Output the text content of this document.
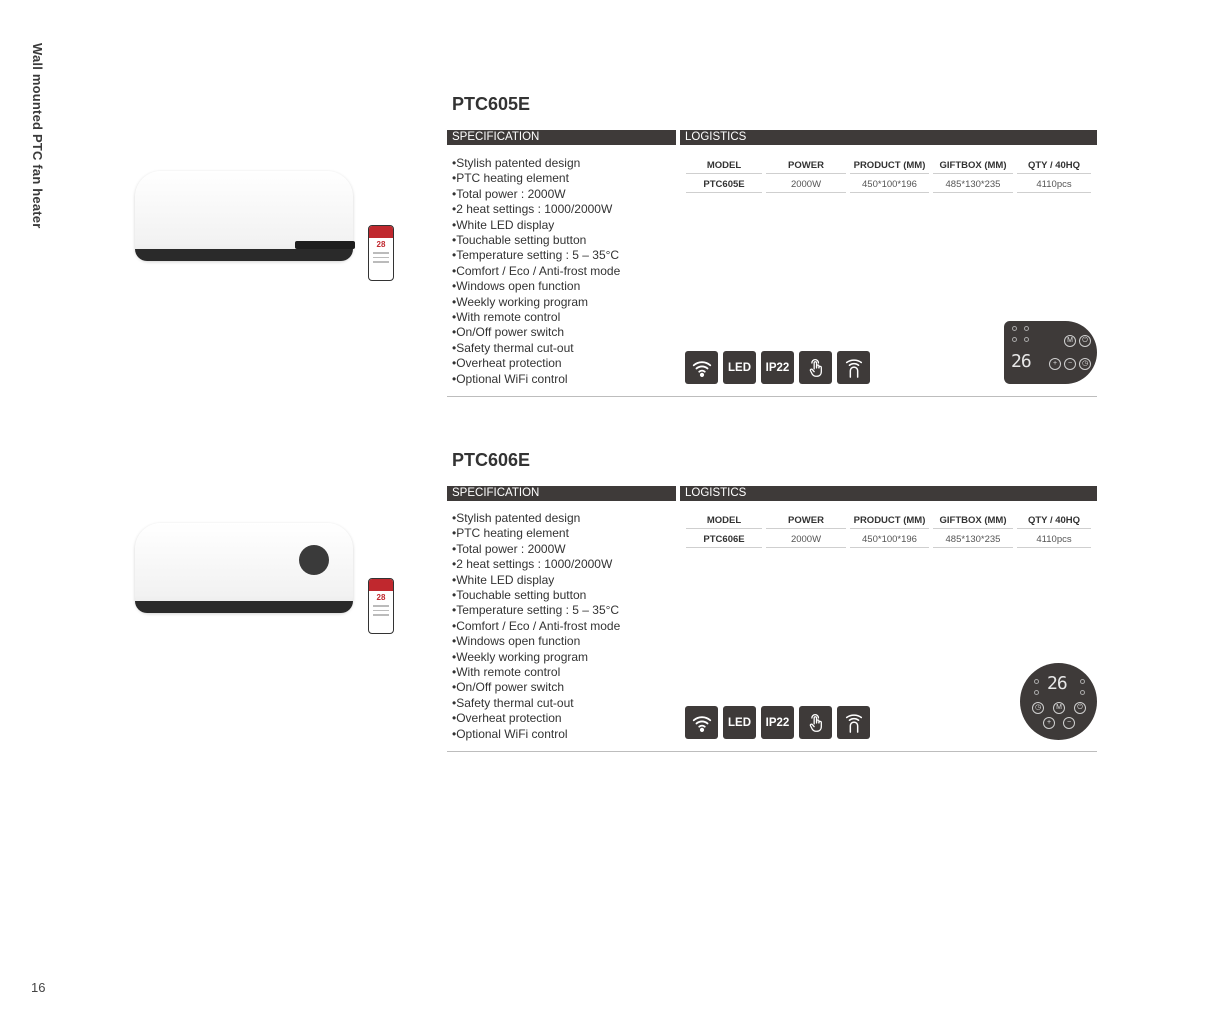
Wall mounted PTC fan heater
16
28
PTC605E
SPECIFICATION	LOGISTICS
• Stylish patented design
• PTC heating element
• Total power : 2000W
• 2 heat settings : 1000/2000W
• White LED display
• Touchable setting button
• Temperature setting : 5 – 35°C
• Comfort / Eco / Anti-frost mode
• Windows open function
• Weekly working program
• With remote control
• On/Off power switch
• Safety thermal cut-out
• Overheat protection
• Optional WiFi control
MODEL	POWER	PRODUCT (MM)	GIFTBOX (MM)	QTY / 40HQ

PTC605E	2000W	450*100*196	485*130*235	4110pcs
LED	IP22	26
M	⏻
+	−	◷
28
PTC606E
SPECIFICATION	LOGISTICS
• Stylish patented design
• PTC heating element
• Total power : 2000W
• 2 heat settings : 1000/2000W
• White LED display
• Touchable setting button
• Temperature setting : 5 – 35°C
• Comfort / Eco / Anti-frost mode
• Windows open function
• Weekly working program
• With remote control
• On/Off power switch
• Safety thermal cut-out
• Overheat protection
• Optional WiFi control
MODEL	POWER	PRODUCT (MM)	GIFTBOX (MM)	QTY / 40HQ

PTC606E	2000W	450*100*196	485*130*235	4110pcs
LED	IP22
26
◷	M	⏻
+	−
